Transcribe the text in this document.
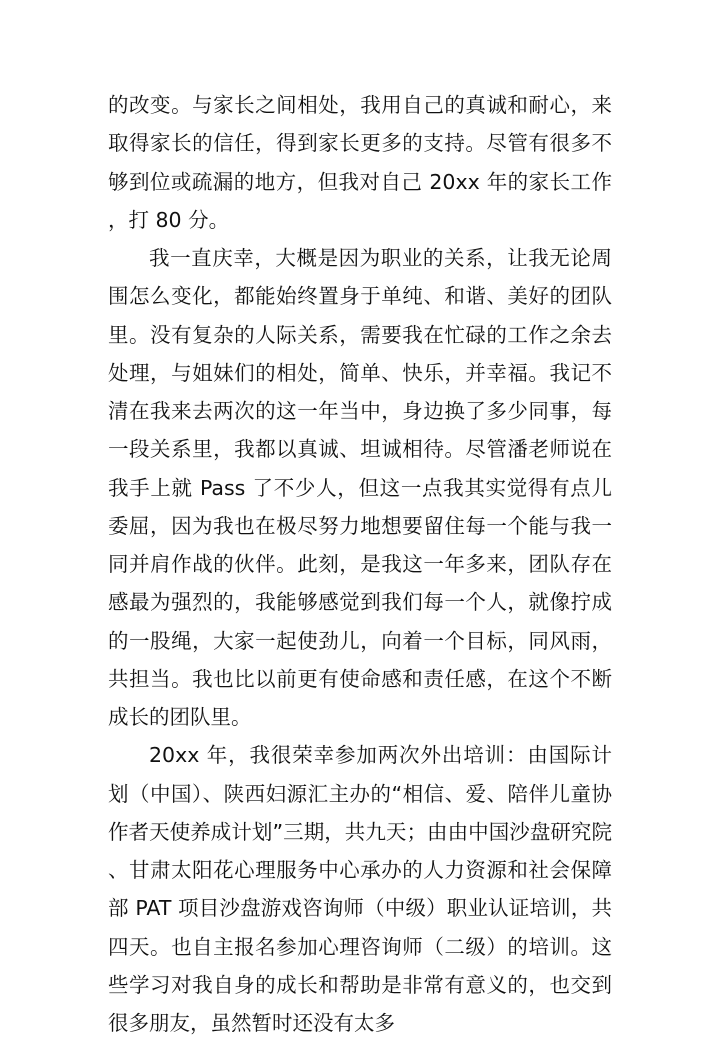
的改变。与家长之间相处，我用自己的真诚和耐心，来取得家长的信任，得到家长更多的支持。尽管有很多不够到位或疏漏的地方，但我对自己 20xx 年的家长工作，打 80 分。

我一直庆幸，大概是因为职业的关系，让我无论周围怎么变化，都能始终置身于单纯、和谐、美好的团队里。没有复杂的人际关系，需要我在忙碌的工作之余去处理，与姐妹们的相处，简单、快乐，并幸福。我记不清在我来去两次的这一年当中，身边换了多少同事，每一段关系里，我都以真诚、坦诚相待。尽管潘老师说在我手上就 Pass 了不少人，但这一点我其实觉得有点儿委屈，因为我也在极尽努力地想要留住每一个能与我一同并肩作战的伙伴。此刻，是我这一年多来，团队存在感最为强烈的，我能够感觉到我们每一个人，就像拧成的一股绳，大家一起使劲儿，向着一个目标，同风雨，共担当。我也比以前更有使命感和责任感，在这个不断成长的团队里。

20xx 年，我很荣幸参加两次外出培训：由国际计划（中国）、陕西妇源汇主办的“相信、爱、陪伴儿童协作者天使养成计划”三期，共九天；由由中国沙盘研究院、甘肃太阳花心理服务中心承办的人力资源和社会保障部 PAT 项目沙盘游戏咨询师（中级）职业认证培训，共四天。也自主报名参加心理咨询师（二级）的培训。这些学习对我自身的成长和帮助是非常有意义的，也交到很多朋友，虽然暂时还没有太多
